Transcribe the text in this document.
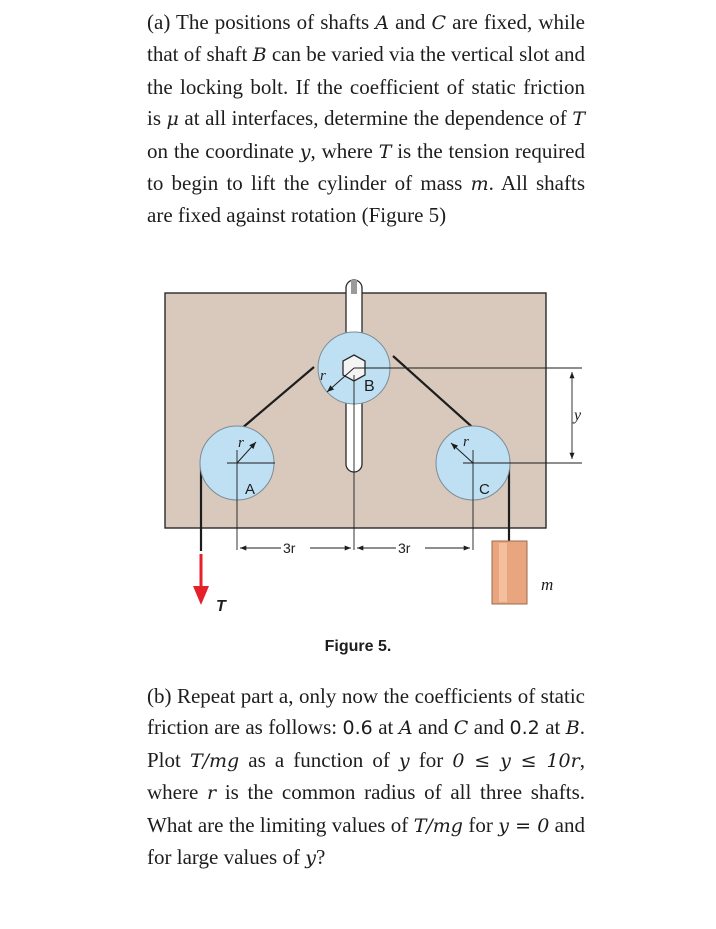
(a) The positions of shafts A and C are fixed, while that of shaft B can be varied via the vertical slot and the locking bolt. If the coefficient of static friction is μ at all interfaces, determine the dependence of T on the coordinate y, where T is the tension required to begin to lift the cylinder of mass m. All shafts are fixed against rotation (Figure 5)

B
A	C
r
r	r
y
3r	3r
T
m
Figure 5.

(b) Repeat part a, only now the coefficients of static friction are as follows: 0.6 at A and C and 0.2 at B. Plot T/mg as a function of y for 0 ≤ y ≤ 10r, where r is the common radius of all three shafts. What are the limiting values of T/mg for y = 0 and for large values of y?
